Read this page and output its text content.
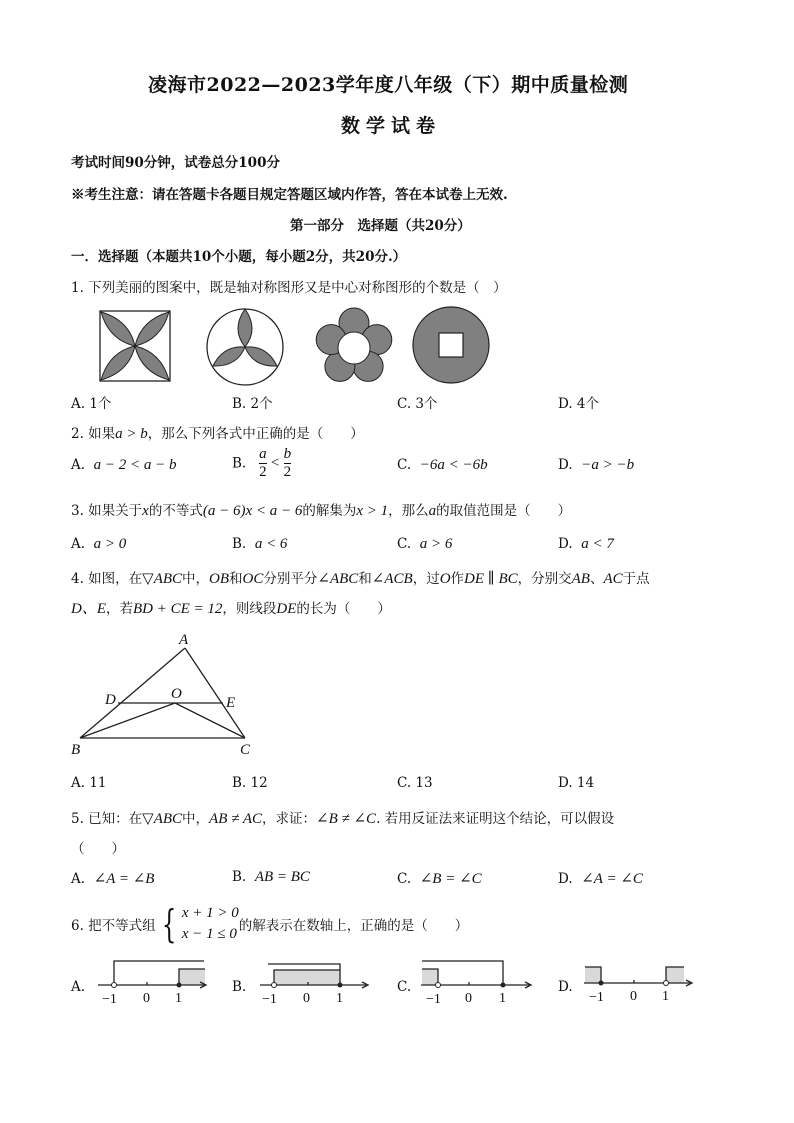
凌海市2022—2023学年度八年级（下）期中质量检测
数学试卷
考试时间90分钟，试卷总分100分
※考生注意：请在答题卡各题目规定答题区域内作答，答在本试卷上无效.
第一部分　选择题（共20分）
一．选择题（本题共10个小题，每小题2分，共20分.）
1. 下列美丽的图案中，既是轴对称图形又是中心对称图形的个数是（　）
A. 1个	B. 2个	C. 3个	D. 4个
2. 如果a > b，那么下列各式中正确的是（　　）
A. a − 2 < a − b	B. $\frac{a}{2} < \frac{b}{2}$	C. −6a < −6b	D. −a > −b
3. 如果关于x的不等式(a − 6)x < a − 6的解集为x > 1，那么a的取值范围是（　　）
A. a > 0	B. a < 6	C. a > 6	D. a < 7
4. 如图，在▽ABC中，OB和OC分别平分∠ABC和∠ACB，过O作DE ∥ BC，分别交AB、AC于点
D、E，若BD + CE = 12，则线段DE的长为（　　）
A
B	C
D	E
O
A. 11	B. 12	C. 13	D. 14
5. 已知：在▽ABC中，AB ≠ AC，求证：∠B ≠ ∠C. 若用反证法来证明这个结论，可以假设
（　　）
A. ∠A = ∠B	B. AB = BC	C. ∠B = ∠C	D. ∠A = ∠C
6. 把不等式组 { x + 1 > 0
x − 1 ≤ 0 的解表示在数轴上，正确的是（　　）
A.
−1 0 1
B.
−1 0 1
C.
−1 0 1
D.
−1 0 1
